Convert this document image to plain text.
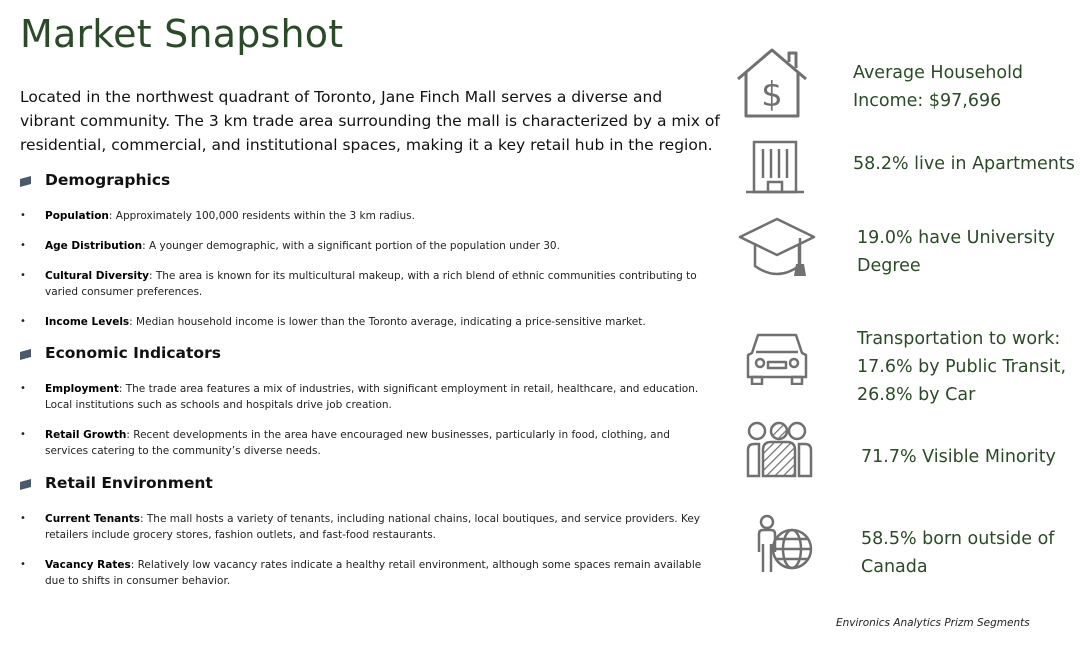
Market Snapshot
Located in the northwest quadrant of Toronto, Jane Finch Mall serves a diverse and vibrant community. The 3 km trade area surrounding the mall is characterized by a mix of residential, commercial, and institutional spaces, making it a key retail hub in the region.
Demographics
• Population: Approximately 100,000 residents within the 3 km radius.
• Age Distribution: A younger demographic, with a significant portion of the population under 30.
• Cultural Diversity: The area is known for its multicultural makeup, with a rich blend of ethnic communities contributing to varied consumer preferences.
• Income Levels: Median household income is lower than the Toronto average, indicating a price-sensitive market.
Economic Indicators
• Employment: The trade area features a mix of industries, with significant employment in retail, healthcare, and education. Local institutions such as schools and hospitals drive job creation.
• Retail Growth: Recent developments in the area have encouraged new businesses, particularly in food, clothing, and services catering to the community’s diverse needs.
Retail Environment
• Current Tenants: The mall hosts a variety of tenants, including national chains, local boutiques, and service providers. Key retailers include grocery stores, fashion outlets, and fast-food restaurants.
• Vacancy Rates: Relatively low vacancy rates indicate a healthy retail environment, although some spaces remain available due to shifts in consumer behavior.
$
Average Household Income: $97,696
58.2% live in Apartments
19.0% have University Degree
Transportation to work: 17.6% by Public Transit, 26.8% by Car
71.7% Visible Minority
58.5% born outside of Canada
Environics Analytics Prizm Segments
